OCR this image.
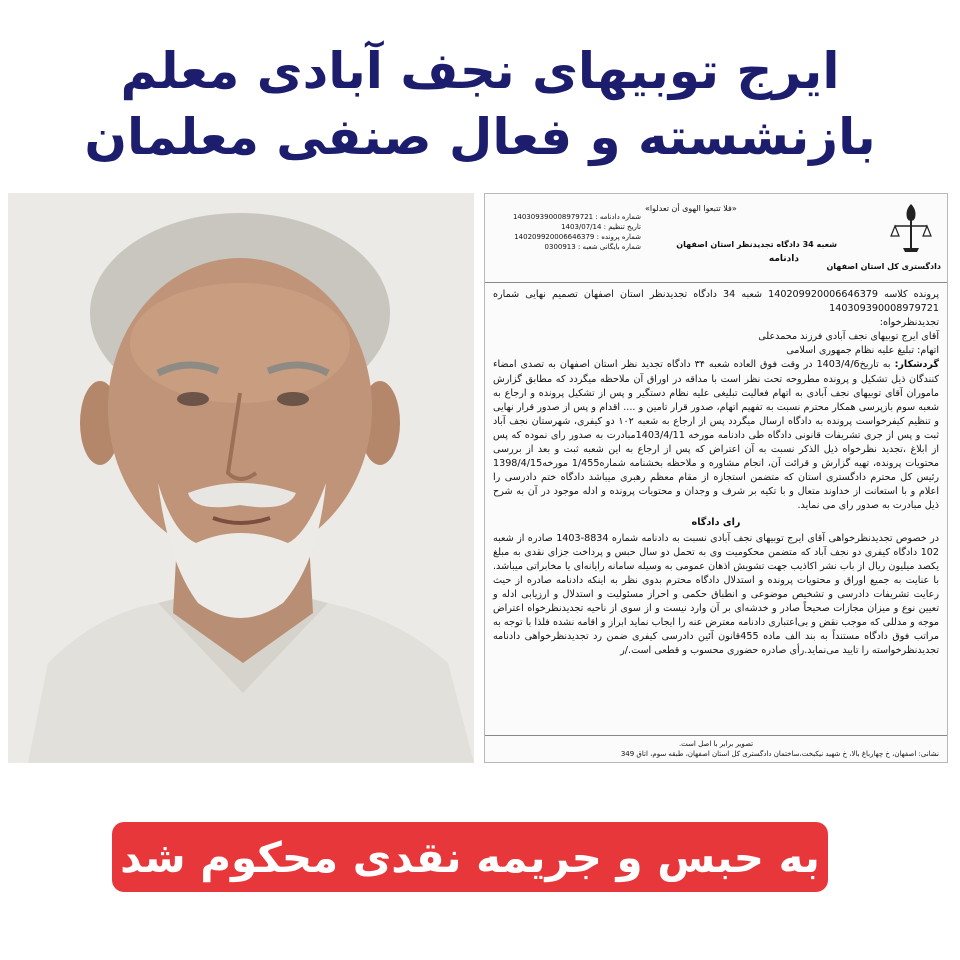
ایرج توبیهای نجف آبادی معلم
بازنشسته و فعال صنفی معلمان
دادگستری کل استان اصفهان
«فلا تتبعوا الهوی أن تعدلوا»
شعبه 34 دادگاه تجدیدنظر استان اصفهان
دادنامه
شماره دادنامه : 140309390008979721
تاریخ تنظیم : 1403/07/14
شماره پرونده : 140209920006646379
شماره بایگانی شعبه : 0300913

پرونده کلاسه 140209920006646379 شعبه 34 دادگاه تجدیدنظر استان اصفهان تصمیم نهایی شماره 140309390008979721

تجدیدنظرخواه:

آقای ایرج توبیهای نجف آبادی فرزند محمدعلی

اتهام: تبلیغ علیه نظام جمهوری اسلامی

گردشکار: به تاریخ1403/4/6 در وقت فوق العاده شعبه ۳۴ دادگاه تجدید نظر استان اصفهان به تصدی امضاء کنندگان ذیل تشکیل و پرونده مطروحه تحت نظر است با مداقه در اوراق آن ملاحظه میگردد که مطابق گزارش ماموران آقای توبیهای نجف آبادی به اتهام فعالیت تبلیغی علیه نظام دستگیر و پس از تشکیل پرونده و ارجاع به شعبه سوم بازپرسی همکار محترم نسبت به تفهیم اتهام، صدور قرار تامین و .... اقدام و پس از صدور قرار نهایی و تنظیم کیفرخواست پرونده به دادگاه ارسال میگردد پس از ارجاع به شعبه ۱۰۲ دو کیفری، شهرستان نجف آباد ثبت و پس از جری تشریفات قانونی دادگاه طی دادنامه مورخه 1403/4/11مبادرت به صدور رای نموده که پس از ابلاغ ،تجدید نظرخواه ذیل الذکر نسبت به آن اعتراض که پس از ارجاع به این شعبه ثبت و بعد از بررسی محتویات پرونده، تهیه گزارش و قرائت آن، انجام مشاوره و ملاحظه بخشنامه شماره1/455 مورخه1398/4/15 رئیس کل محترم دادگستری استان که متضمن استجازه از مقام معظم رهبری میباشد دادگاه ختم دادرسی را اعلام و با استعانت از خداوند متعال و با تکیه بر شرف و وجدان و محتویات پرونده و ادله موجود در آن به شرح ذیل مبادرت به صدور رای می نماید.

رای دادگاه

در خصوص تجدیدنظرخواهی آقای ایرج توبیهای نجف آبادی نسبت به دادنامه شماره 8834-1403 صادره از شعبه 102 دادگاه کیفری دو نجف آباد که متضمن محکومیت وی به تحمل دو سال حبس و پرداخت جزای نقدی به مبلغ یکصد میلیون ریال از باب نشر اکاذیب جهت تشویش اذهان عمومی به وسیله سامانه رایانه‌ای یا مخابراتی میباشد. با عنایت به جمیع اوراق و محتویات پرونده و استدلال دادگاه محترم بدوی نظر به اینکه دادنامه صادره از حیث رعایت تشریفات دادرسی و تشخیص موضوعی و انطباق حکمی و احراز مسئولیت و استدلال و ارزیابی ادله و تعیین نوع و میزان مجازات صحیحاً صادر و خدشه‌ای بر آن وارد نیست و از سوی از ناحیه تجدیدنظرخواه اعتراض موجه و مدللی که موجب نقض و بی‌اعتباری دادنامه معترض عنه را ایجاب نماید ابراز و اقامه نشده فلذا با توجه به مراتب فوق دادگاه مستنداً به بند الف ماده 455قانون آئین دادرسی کیفری ضمن رد تجدیدنظرخواهی دادنامه تجدیدنظرخواسته را تایید می‌نماید.رأی صادره حضوری محسوب و قطعی است./ر

تصویر برابر با اصل است.
نشانی: اصفهان، خ چهارباغ بالا، خ شهید نیکبخت،ساختمان دادگستری کل استان اصفهان، طبقه سوم، اتاق 349
به حبس و جریمه نقدی محکوم شد
